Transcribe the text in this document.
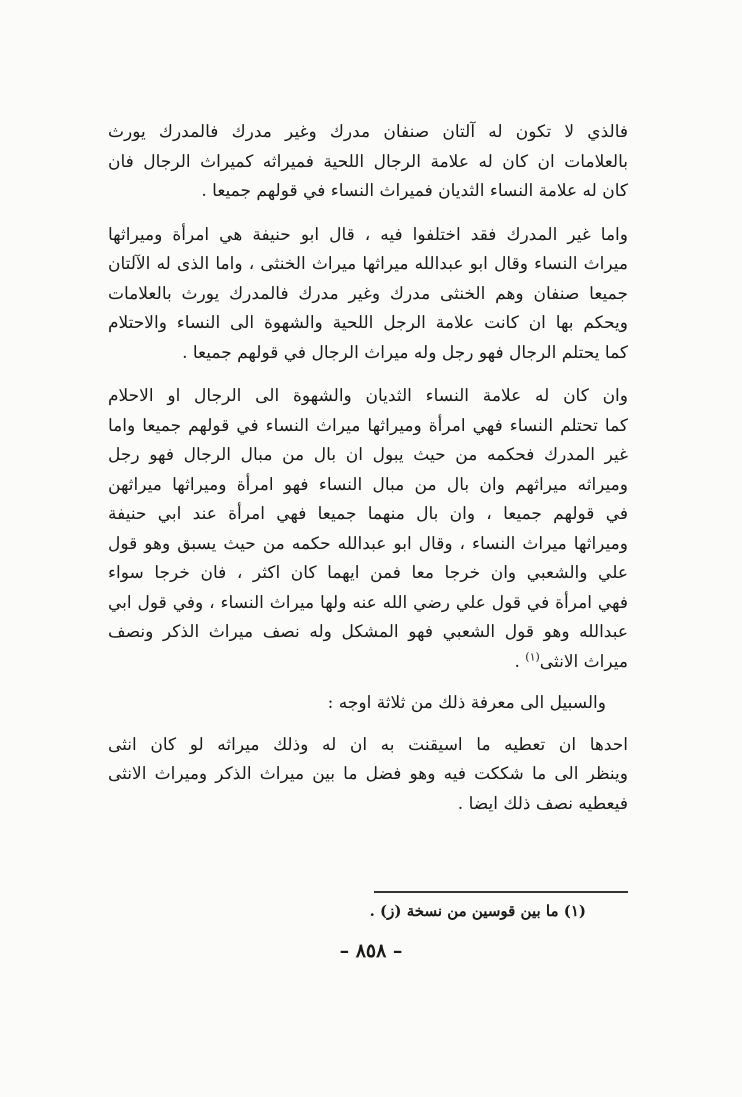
فالذي لا تكون له آلتان صنفان مدرك وغير مدرك فالمدرك يورث
بالعلامات ان كان له علامة الرجال اللحية فميراثه كميراث الرجال فان
كان له علامة النساء الثديان فميراث النساء في قولهم جميعا .
واما غير المدرك فقد اختلفوا فيه ، قال ابو حنيفة هي امرأة وميراثها
ميراث النساء وقال ابو عبدالله ميراثها ميراث الخنثى ، واما الذى له الآلتان
جميعا صنفان وهم الخنثى مدرك وغير مدرك فالمدرك يورث بالعلامات
ويحكم بها ان كانت علامة الرجل اللحية والشهوة الى النساء والاحتلام
كما يحتلم الرجال فهو رجل وله ميراث الرجال في قولهم جميعا .
وان كان له علامة النساء الثديان والشهوة الى الرجال او الاحلام
كما تحتلم النساء فهي امرأة وميراثها ميراث النساء في قولهم جميعا واما
غير المدرك فحكمه من حيث يبول ان بال من مبال الرجال فهو رجل
وميراثه ميراثهم وان بال من مبال النساء فهو امرأة وميراثها ميراثهن
في قولهم جميعا ، وان بال منهما جميعا فهي امرأة عند ابي حنيفة
وميراثها ميراث النساء ، وقال ابو عبدالله حكمه من حيث يسبق وهو قول
علي والشعبي وان خرجا معا فمن ايهما كان اكثر ، فان خرجا سواء
فهي امرأة في قول علي رضي الله عنه ولها ميراث النساء ، وفي قول ابي
عبدالله وهو قول الشعبي فهو المشكل وله نصف ميراث الذكر ونصف
ميراث الانثى$^{(١)}$ .
والسبيل الى معرفة ذلك من ثلاثة اوجه :
احدها ان تعطيه ما اسيقنت به ان له وذلك ميراثه لو كان انثى
وينظر الى ما شككت فيه وهو فضل ما بين ميراث الذكر وميراث الانثى
فيعطيه نصف ذلك ايضا .
(١) ما بين قوسين من نسخة (ز) .
– ٨٥٨ –
